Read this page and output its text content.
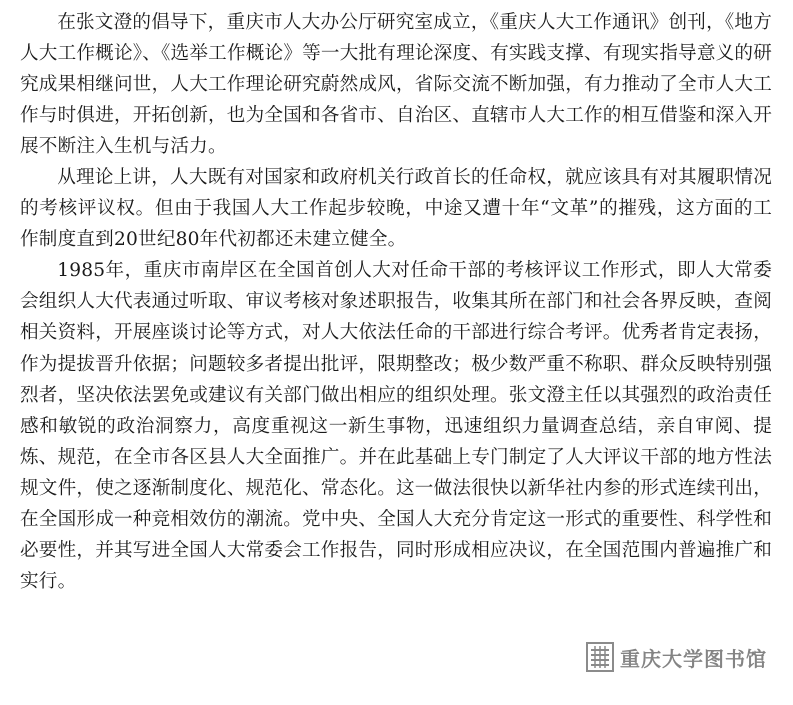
在张文澄的倡导下，重庆市人大办公厅研究室成立，《重庆人大工作通讯》创刊，《地方人大工作概论》、《选举工作概论》等一大批有理论深度、有实践支撑、有现实指导意义的研究成果相继问世，人大工作理论研究蔚然成风，省际交流不断加强，有力推动了全市人大工作与时俱进，开拓创新，也为全国和各省市、自治区、直辖市人大工作的相互借鉴和深入开展不断注入生机与活力。

从理论上讲，人大既有对国家和政府机关行政首长的任命权，就应该具有对其履职情况的考核评议权。但由于我国人大工作起步较晚，中途又遭十年“文革”的摧残，这方面的工作制度直到20世纪80年代初都还未建立健全。

1985年，重庆市南岸区在全国首创人大对任命干部的考核评议工作形式，即人大常委会组织人大代表通过听取、审议考核对象述职报告，收集其所在部门和社会各界反映，查阅相关资料，开展座谈讨论等方式，对人大依法任命的干部进行综合考评。优秀者肯定表扬，作为提拔晋升依据；问题较多者提出批评，限期整改；极少数严重不称职、群众反映特别强烈者，坚决依法罢免或建议有关部门做出相应的组织处理。张文澄主任以其强烈的政治责任感和敏锐的政治洞察力，高度重视这一新生事物，迅速组织力量调查总结，亲自审阅、提炼、规范，在全市各区县人大全面推广。并在此基础上专门制定了人大评议干部的地方性法规文件，使之逐渐制度化、规范化、常态化。这一做法很快以新华社内参的形式连续刊出，在全国形成一种竞相效仿的潮流。党中央、全国人大充分肯定这一形式的重要性、科学性和必要性，并其写进全国人大常委会工作报告，同时形成相应决议，在全国范围内普遍推广和实行。

重庆大学图书馆
